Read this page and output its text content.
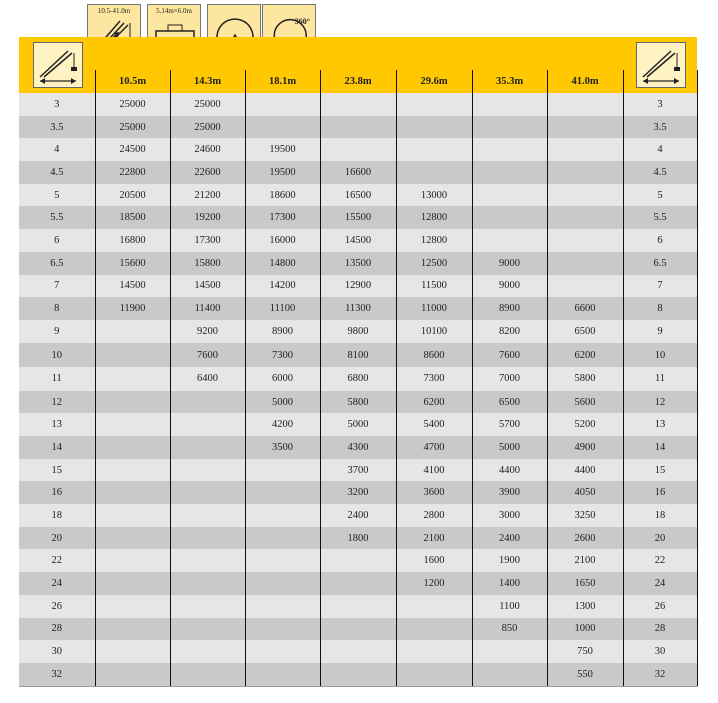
10.5-41.0m	5.14m×6.0m
360°
	10.5m	14.3m	18.1m	23.8m	29.6m	35.3m	41.0m	
3	25000	25000						3
3.5	25000	25000						3.5
4	24500	24600	19500					4
4.5	22800	22600	19500	16600				4.5
5	20500	21200	18600	16500	13000			5
5.5	18500	19200	17300	15500	12800			5.5
6	16800	17300	16000	14500	12800			6
6.5	15600	15800	14800	13500	12500	9000		6.5
7	14500	14500	14200	12900	11500	9000		7
8	11900	11400	11100	11300	11000	8900	6600	8
9		9200	8900	9800	10100	8200	6500	9
10		7600	7300	8100	8600	7600	6200	10
11		6400	6000	6800	7300	7000	5800	11
12			5000	5800	6200	6500	5600	12
13			4200	5000	5400	5700	5200	13
14			3500	4300	4700	5000	4900	14
15				3700	4100	4400	4400	15
16				3200	3600	3900	4050	16
18				2400	2800	3000	3250	18
20				1800	2100	2400	2600	20
22					1600	1900	2100	22
24					1200	1400	1650	24
26						1100	1300	26
28						850	1000	28
30							750	30
32							550	32
